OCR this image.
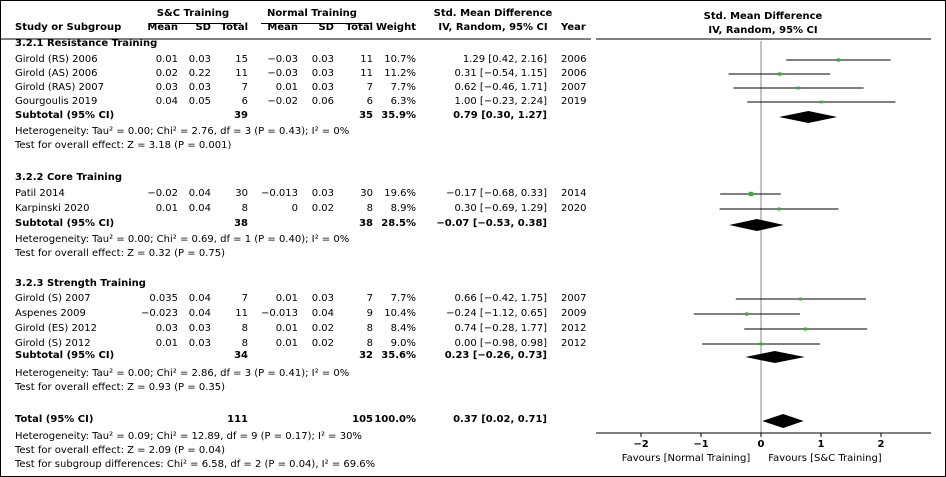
S&C Training	Normal Training	Std. Mean Difference
Study or Subgroup	Mean SD Total Mean SD Total Weight	IV, Random, 95% CI	Year
3.2.1 Resistance Training
Girold (RS) 2006	0.01 0.03 15 −0.03 0.03	11 10.7%	1.29 [0.42, 2.16] 2006
Girold (AS) 2006	0.02 0.22 11 −0.03 0.03	11 11.2%	0.31 [−0.54, 1.15] 2006
Girold (RAS) 2007	0.03 0.03	7	0.01 0.03	7 7.7%	0.62 [−0.46, 1.71] 2007
Gourgoulis 2019	0.04 0.05	6 −0.02 0.06	6 6.3%	1.00 [−0.23, 2.24] 2019
Subtotal (95% CI)	39	35 35.9%	0.79 [0.30, 1.27]
Heterogeneity: Tau² = 0.00; Chi² = 2.76, df = 3 (P = 0.43); I² = 0%
Test for overall effect: Z = 3.18 (P = 0.001)
3.2.2 Core Training
Patil 2014	−0.02 0.04 30 −0.013 0.03	30 19.6%	−0.17 [−0.68, 0.33] 2014
Karpinski 2020	0.01 0.04	8	0 0.02	8 8.9%	0.30 [−0.69, 1.29] 2020
Subtotal (95% CI)	38	38 28.5% −0.07 [−0.53, 0.38]
Heterogeneity: Tau² = 0.00; Chi² = 0.69, df = 1 (P = 0.40); I² = 0%
Test for overall effect: Z = 0.32 (P = 0.75)
3.2.3 Strength Training
Girold (S) 2007	0.035 0.04	7	0.01 0.03	7 7.7%	0.66 [−0.42, 1.75] 2007
Aspenes 2009	−0.023 0.04 11 −0.013 0.04	9 10.4%	−0.24 [−1.12, 0.65] 2009
Girold (ES) 2012	0.03 0.03	8	0.01 0.02	8 8.4%	0.74 [−0.28, 1.77] 2012
Girold (S) 2012	0.01 0.03	8	0.01 0.02	8 9.0%	0.00 [−0.98, 0.98] 2012
Subtotal (95% CI)	34	32 35.6%	0.23 [−0.26, 0.73]
Heterogeneity: Tau² = 0.00; Chi² = 2.86, df = 3 (P = 0.41); I² = 0%
Test for overall effect: Z = 0.93 (P = 0.35)
Total (95% CI)	111	105 100.0%	0.37 [0.02, 0.71]
Heterogeneity: Tau² = 0.09; Chi² = 12.89, df = 9 (P = 0.17); I² = 30%
Test for overall effect: Z = 2.09 (P = 0.04)
Test for subgroup differences: Chi² = 6.58, df = 2 (P = 0.04), I² = 69.6%
Std. Mean Difference
IV, Random, 95% CI
−2	−1	0	1	2
Favours [Normal Training] Favours [S&C Training]
